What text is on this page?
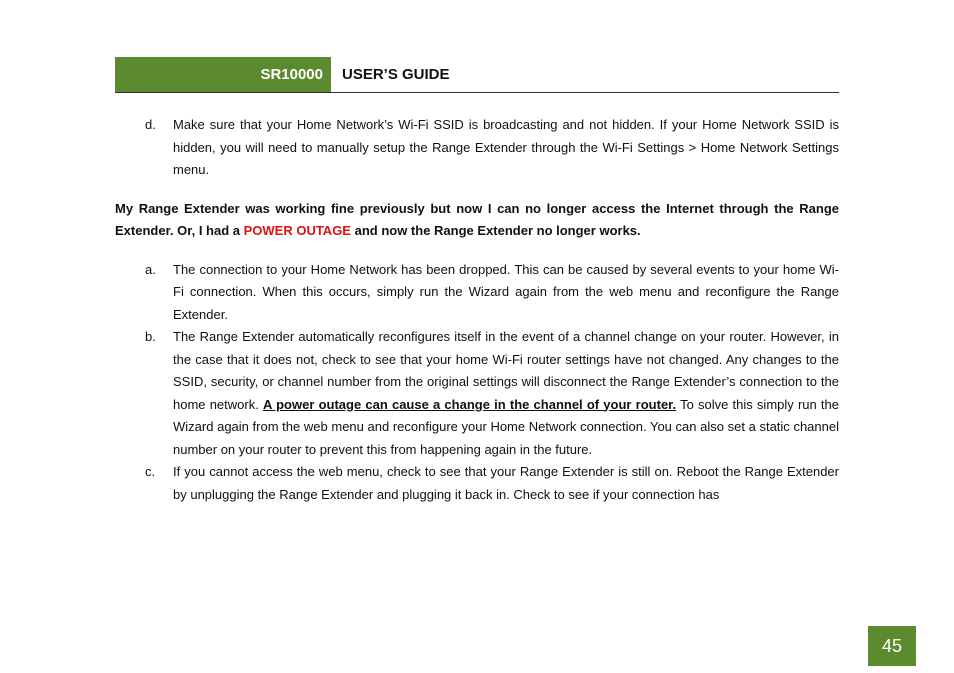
SR10000 USER’S GUIDE
d. Make sure that your Home Network’s Wi-Fi SSID is broadcasting and not hidden. If your Home Network SSID is hidden, you will need to manually setup the Range Extender through the Wi-Fi Settings > Home Network Settings menu.
My Range Extender was working fine previously but now I can no longer access the Internet through the Range Extender. Or, I had a POWER OUTAGE and now the Range Extender no longer works.
a. The connection to your Home Network has been dropped. This can be caused by several events to your home Wi-Fi connection. When this occurs, simply run the Wizard again from the web menu and reconfigure the Range Extender.
b. The Range Extender automatically reconfigures itself in the event of a channel change on your router. However, in the case that it does not, check to see that your home Wi-Fi router settings have not changed. Any changes to the SSID, security, or channel number from the original settings will disconnect the Range Extender’s connection to the home network. A power outage can cause a change in the channel of your router. To solve this simply run the Wizard again from the web menu and reconfigure your Home Network connection. You can also set a static channel number on your router to prevent this from happening again in the future.
c. If you cannot access the web menu, check to see that your Range Extender is still on. Reboot the Range Extender by unplugging the Range Extender and plugging it back in. Check to see if your connection has
45
